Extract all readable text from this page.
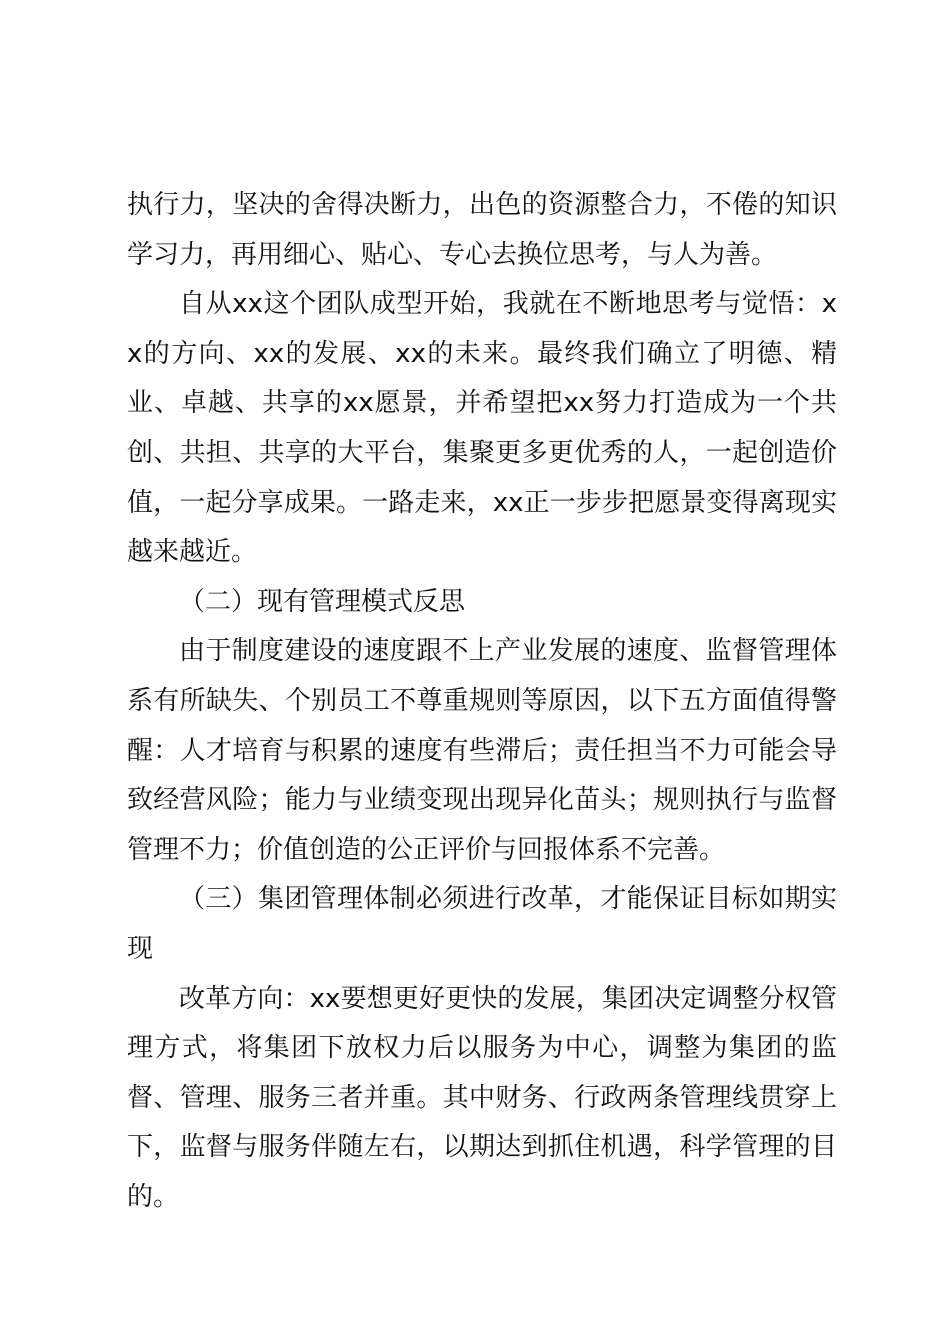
执行力，坚决的舍得决断力，出色的资源整合力，不倦的知识学习力，再用细心、贴心、专心去换位思考，与人为善。

自从xx这个团队成型开始，我就在不断地思考与觉悟：xx的方向、xx的发展、xx的未来。最终我们确立了明德、精业、卓越、共享的xx愿景，并希望把xx努力打造成为一个共创、共担、共享的大平台，集聚更多更优秀的人，一起创造价值，一起分享成果。一路走来，xx正一步步把愿景变得离现实越来越近。

（二）现有管理模式反思

由于制度建设的速度跟不上产业发展的速度、监督管理体系有所缺失、个别员工不尊重规则等原因，以下五方面值得警醒：人才培育与积累的速度有些滞后；责任担当不力可能会导致经营风险；能力与业绩变现出现异化苗头；规则执行与监督管理不力；价值创造的公正评价与回报体系不完善。

（三）集团管理体制必须进行改革，才能保证目标如期实现

改革方向：xx要想更好更快的发展，集团决定调整分权管理方式，将集团下放权力后以服务为中心，调整为集团的监督、管理、服务三者并重。其中财务、行政两条管理线贯穿上下，监督与服务伴随左右，以期达到抓住机遇，科学管理的目的。
